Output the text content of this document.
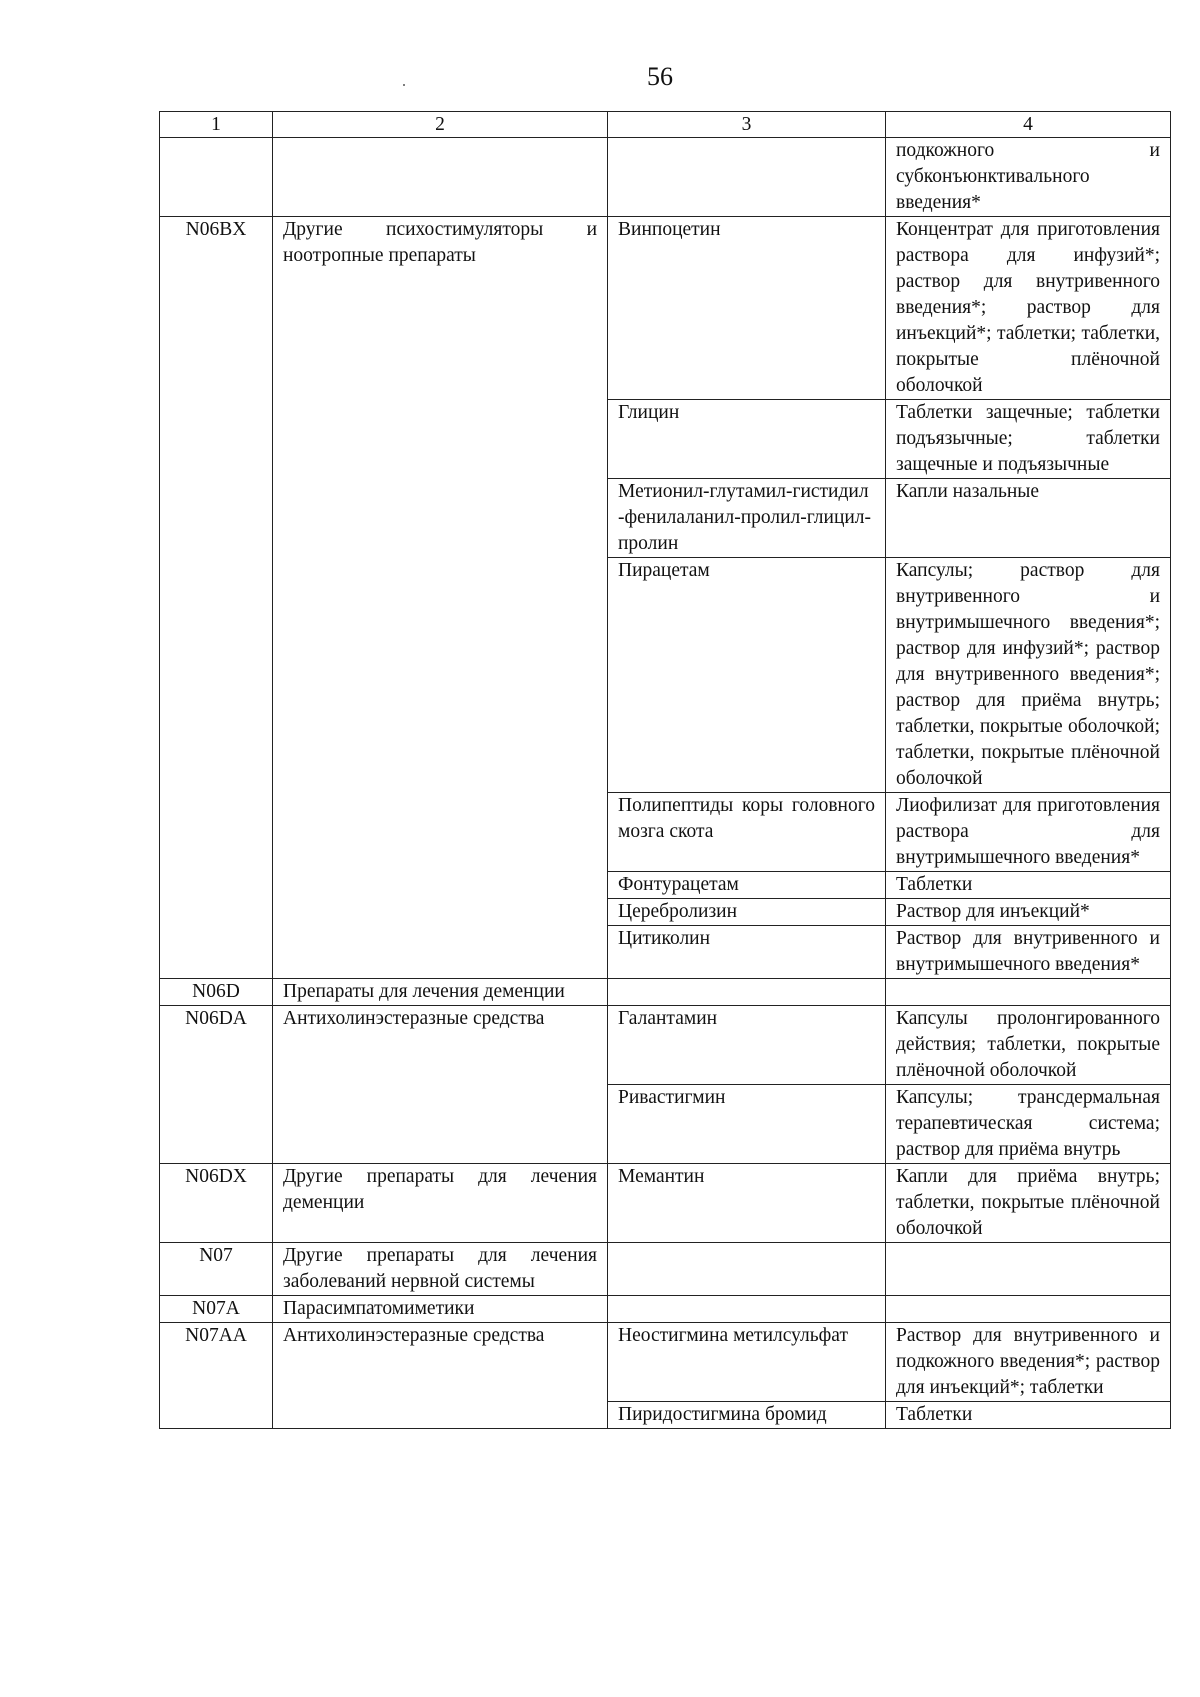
56
1	2	3	4
			подкожного и субконъюнктивального введения*
N06BX	Другие психостимуляторы и ноотропные препараты	Винпоцетин	Концентрат для приготовления раствора для инфузий*; раствор для внутривенного введения*; раствор для инъекций*; таблетки; таблетки, покрытые плёночной оболочкой
		Глицин	Таблетки защечные; таблетки подъязычные; таблетки защечные и подъязычные
		Метионил-глутамил-гистидил-фенилаланил-пролил-глицил-пролин	Капли назальные
		Пирацетам	Капсулы; раствор для внутривенного и внутримышечного введения*; раствор для инфузий*; раствор для внутривенного введения*; раствор для приёма внутрь; таблетки, покрытые оболочкой; таблетки, покрытые плёночной оболочкой
		Полипептиды коры головного мозга скота	Лиофилизат для приготовления раствора для внутримышечного введения*
		Фонтурацетам	Таблетки
		Церебролизин	Раствор для инъекций*
		Цитиколин	Раствор для внутривенного и внутримышечного введения*
N06D	Препараты для лечения деменции		
N06DA	Антихолинэстеразные средства	Галантамин	Капсулы пролонгированного действия; таблетки, покрытые плёночной оболочкой
		Ривастигмин	Капсулы; трансдермальная терапевтическая система; раствор для приёма внутрь
N06DX	Другие препараты для лечения деменции	Мемантин	Капли для приёма внутрь; таблетки, покрытые плёночной оболочкой
N07	Другие препараты для лечения заболеваний нервной системы		
N07A	Парасимпатомиметики		
N07AA	Антихолинэстеразные средства	Неостигмина метилсульфат	Раствор для внутривенного и подкожного введения*; раствор для инъекций*; таблетки
		Пиридостигмина бромид	Таблетки
